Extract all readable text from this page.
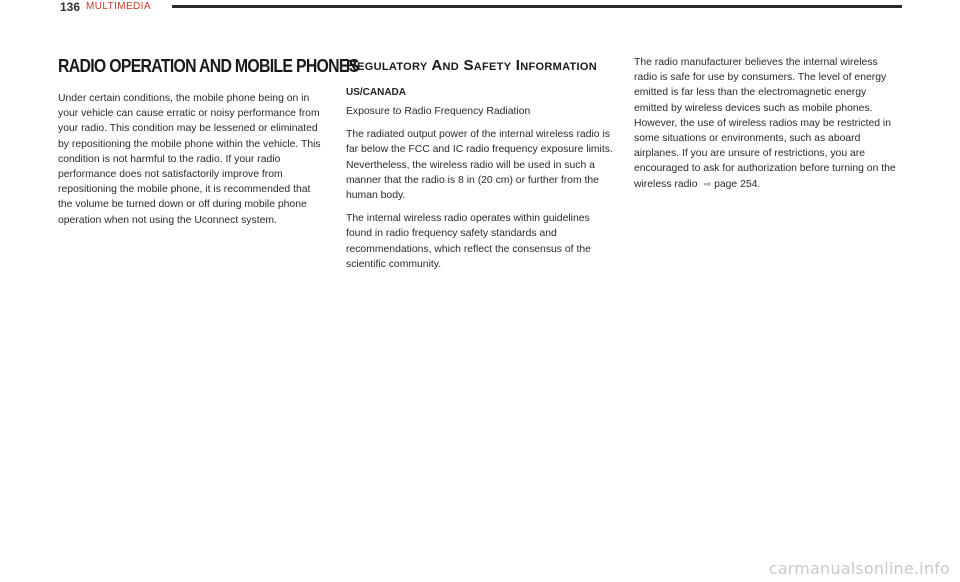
136 MULTIMEDIA
RADIO OPERATION AND MOBILE PHONES

Under certain conditions, the mobile phone being on in your vehicle can cause erratic or noisy performance from your radio. This condition may be lessened or eliminated by repositioning the mobile phone within the vehicle. This condition is not harmful to the radio. If your radio performance does not satisfactorily improve from repositioning the mobile phone, it is recommended that the volume be turned down or off during mobile phone operation when not using the Uconnect system.

Regulatory And Safety Information
US/CANADA

Exposure to Radio Frequency Radiation

The radiated output power of the internal wireless radio is far below the FCC and IC radio frequency exposure limits. Nevertheless, the wireless radio will be used in such a manner that the radio is 8 in (20 cm) or further from the human body.

The internal wireless radio operates within guidelines found in radio frequency safety standards and recommendations, which reflect the consensus of the scientific community.

The radio manufacturer believes the internal wireless radio is safe for use by consumers. The level of energy emitted is far less than the electromagnetic energy emitted by wireless devices such as mobile phones. However, the use of wireless radios may be restricted in some situations or environments, such as aboard airplanes. If you are unsure of restrictions, you are encouraged to ask for authorization before turning on the wireless radio ⇨ page 254.

carmanualsonline.info
